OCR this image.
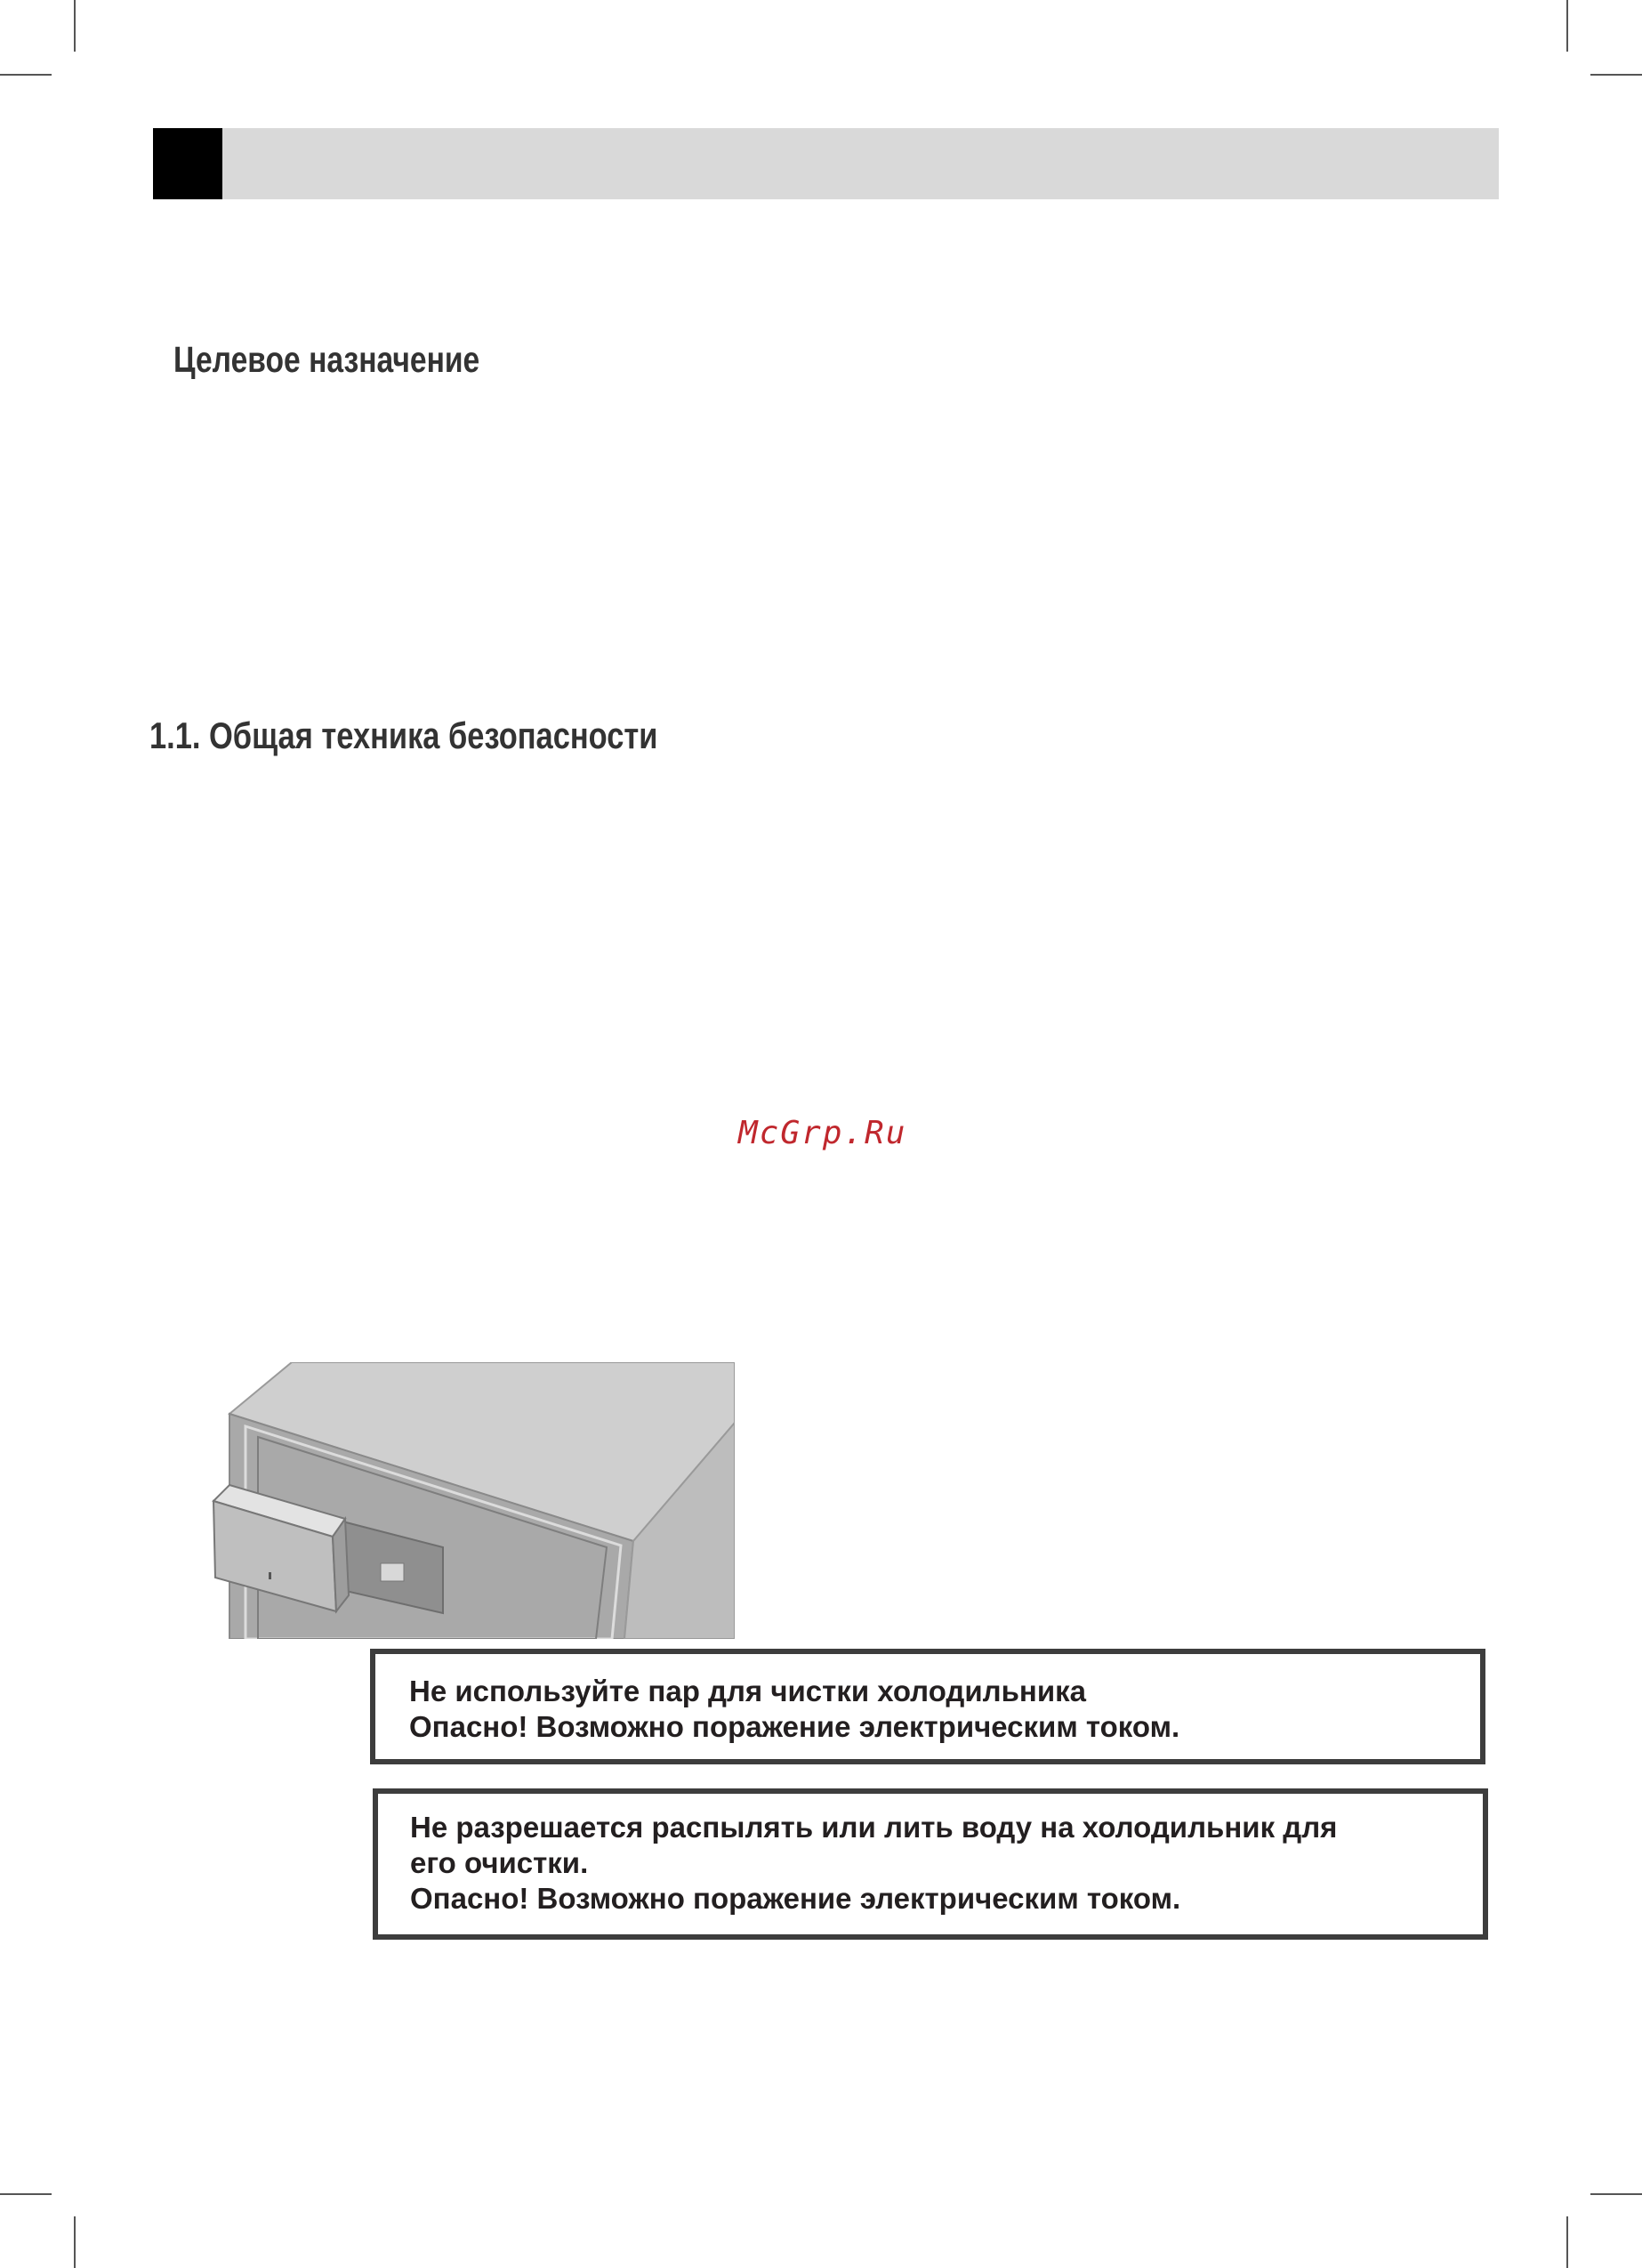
Целевое назначение
1.1. Общая техника безопасности
McGrp.Ru

Не используйте пар для чистки холодильника

Опасно! Возможно поражение электрическим током.

Не разрешается распылять или лить воду на холодильник для

его очистки.

Опасно! Возможно поражение электрическим током.
